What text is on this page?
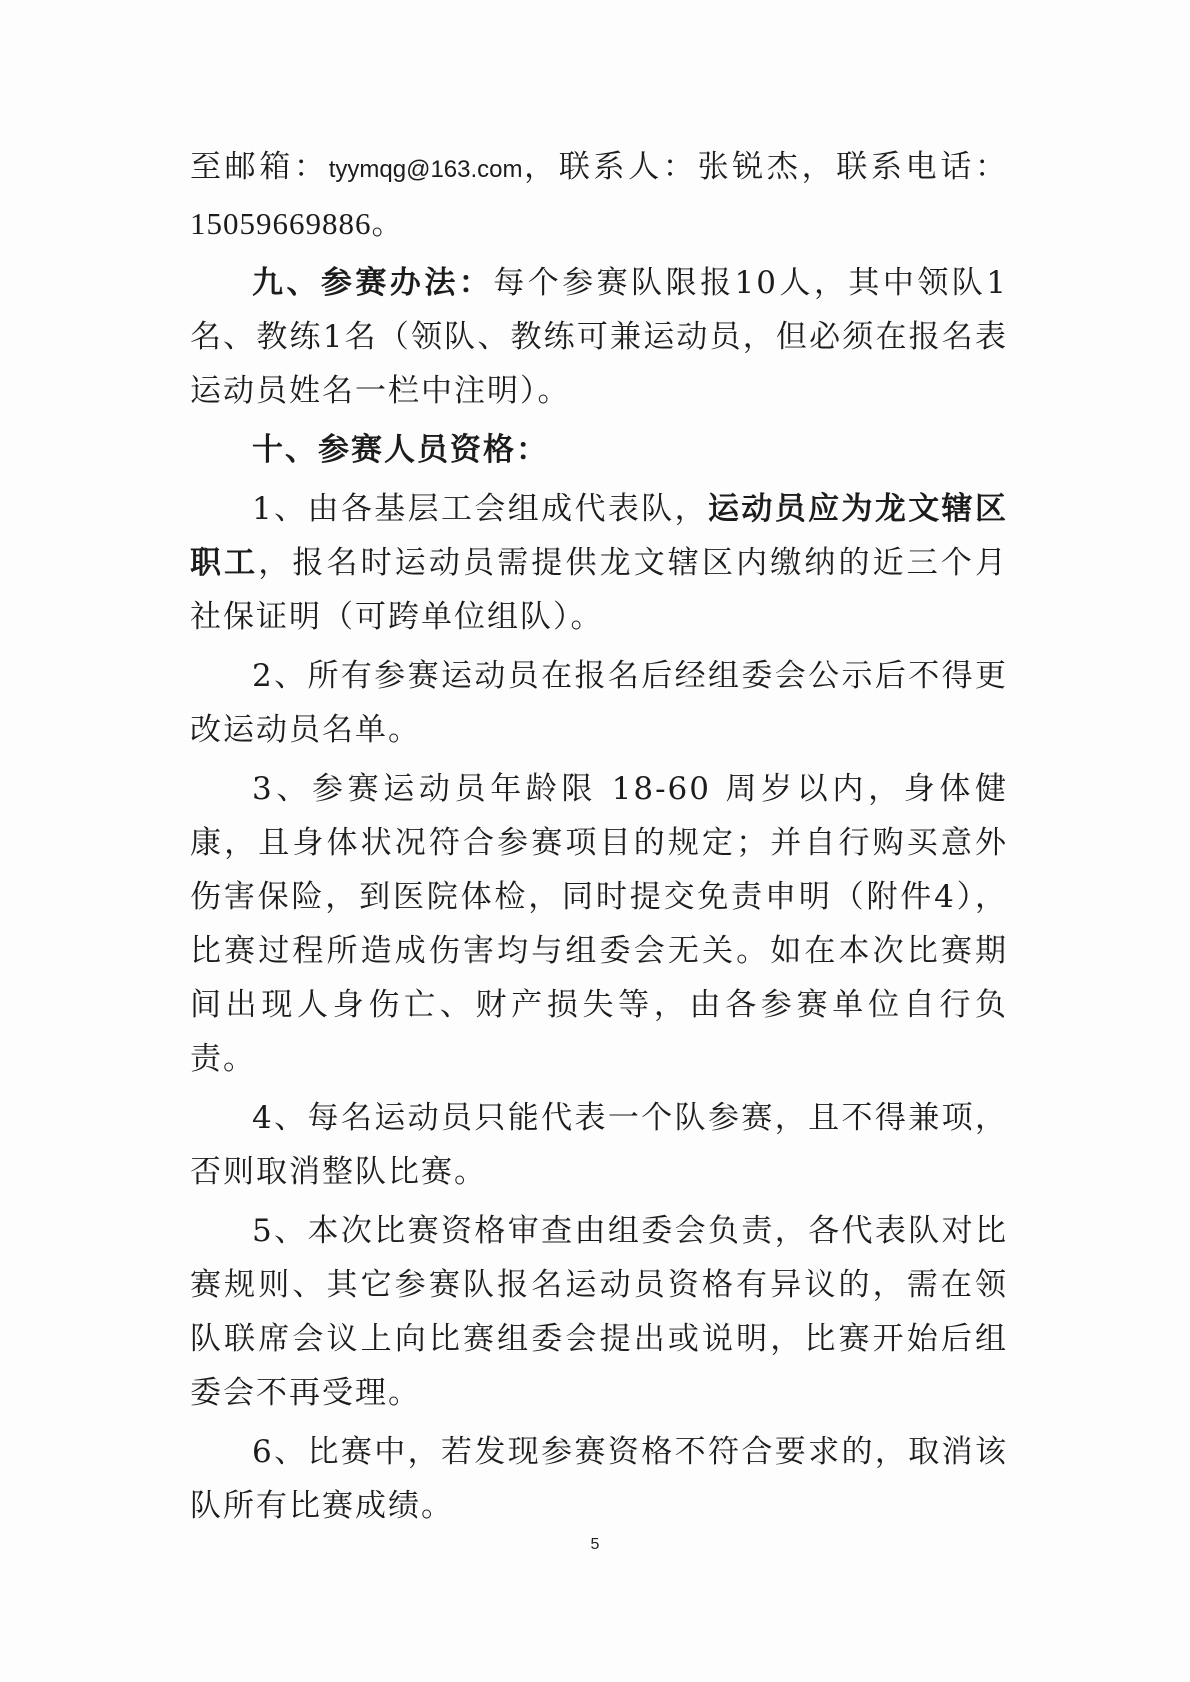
至邮箱：tyymqg@163.com，联系人：张锐杰，联系电话：15059669886。

九、参赛办法：每个参赛队限报10人，其中领队1名、教练1名（领队、教练可兼运动员，但必须在报名表运动员姓名一栏中注明）。

十、参赛人员资格：

1、由各基层工会组成代表队，运动员应为龙文辖区职工，报名时运动员需提供龙文辖区内缴纳的近三个月社保证明（可跨单位组队）。

2、所有参赛运动员在报名后经组委会公示后不得更改运动员名单。

3、参赛运动员年龄限 18-60 周岁以内，身体健康，且身体状况符合参赛项目的规定；并自行购买意外伤害保险，到医院体检，同时提交免责申明（附件4），比赛过程所造成伤害均与组委会无关。如在本次比赛期间出现人身伤亡、财产损失等，由各参赛单位自行负责。

4、每名运动员只能代表一个队参赛，且不得兼项，否则取消整队比赛。

5、本次比赛资格审查由组委会负责，各代表队对比赛规则、其它参赛队报名运动员资格有异议的，需在领队联席会议上向比赛组委会提出或说明，比赛开始后组委会不再受理。

6、比赛中，若发现参赛资格不符合要求的，取消该队所有比赛成绩。

5
